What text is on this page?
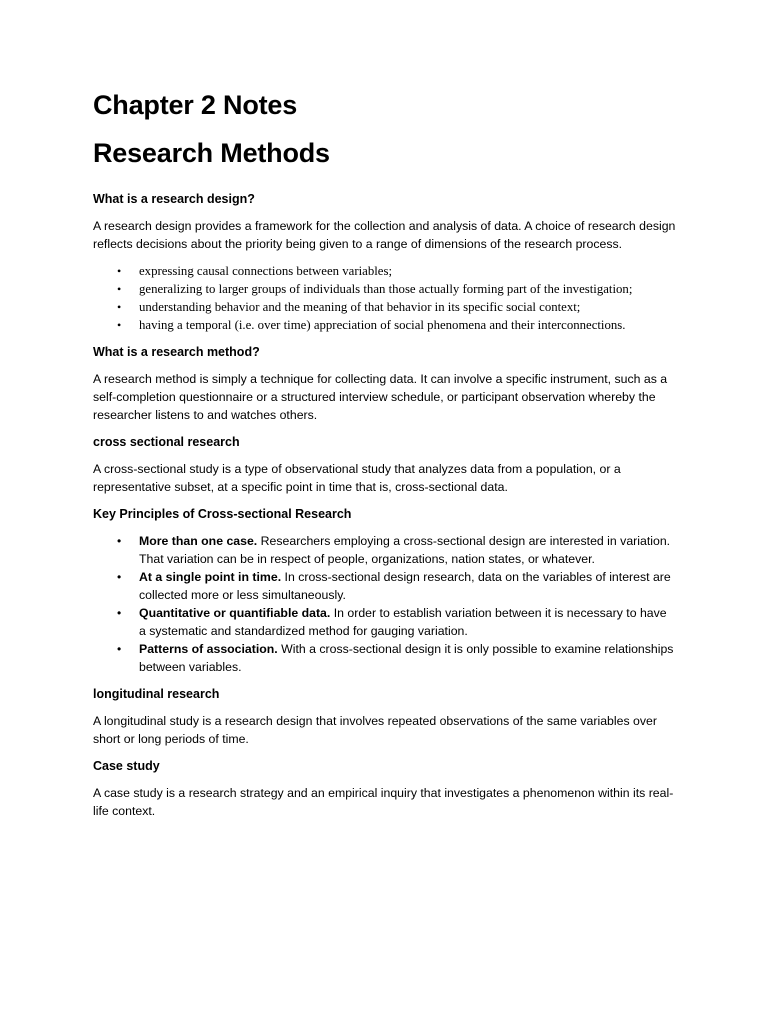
Chapter 2 Notes
Research Methods

What is a research design?

A research design provides a framework for the collection and analysis of data. A choice of research design reflects decisions about the priority being given to a range of dimensions of the research process.

• expressing causal connections between variables;
• generalizing to larger groups of individuals than those actually forming part of the investigation;
• understanding behavior and the meaning of that behavior in its specific social context;
• having a temporal (i.e. over time) appreciation of social phenomena and their interconnections.

What is a research method?

A research method is simply a technique for collecting data. It can involve a specific instrument, such as a self-completion questionnaire or a structured interview schedule, or participant observation whereby the researcher listens to and watches others.

cross sectional research

A cross-sectional study is a type of observational study that analyzes data from a population, or a representative subset, at a specific point in time that is, cross-sectional data.

Key Principles of Cross-sectional Research

• More than one case. Researchers employing a cross-sectional design are interested in variation. That variation can be in respect of people, organizations, nation states, or whatever.
• At a single point in time. In cross-sectional design research, data on the variables of interest are collected more or less simultaneously.
• Quantitative or quantifiable data. In order to establish variation between it is necessary to have a systematic and standardized method for gauging variation.
• Patterns of association. With a cross-sectional design it is only possible to examine relationships between variables.

longitudinal research

A longitudinal study is a research design that involves repeated observations of the same variables over short or long periods of time.

Case study

A case study is a research strategy and an empirical inquiry that investigates a phenomenon within its real-life context.
